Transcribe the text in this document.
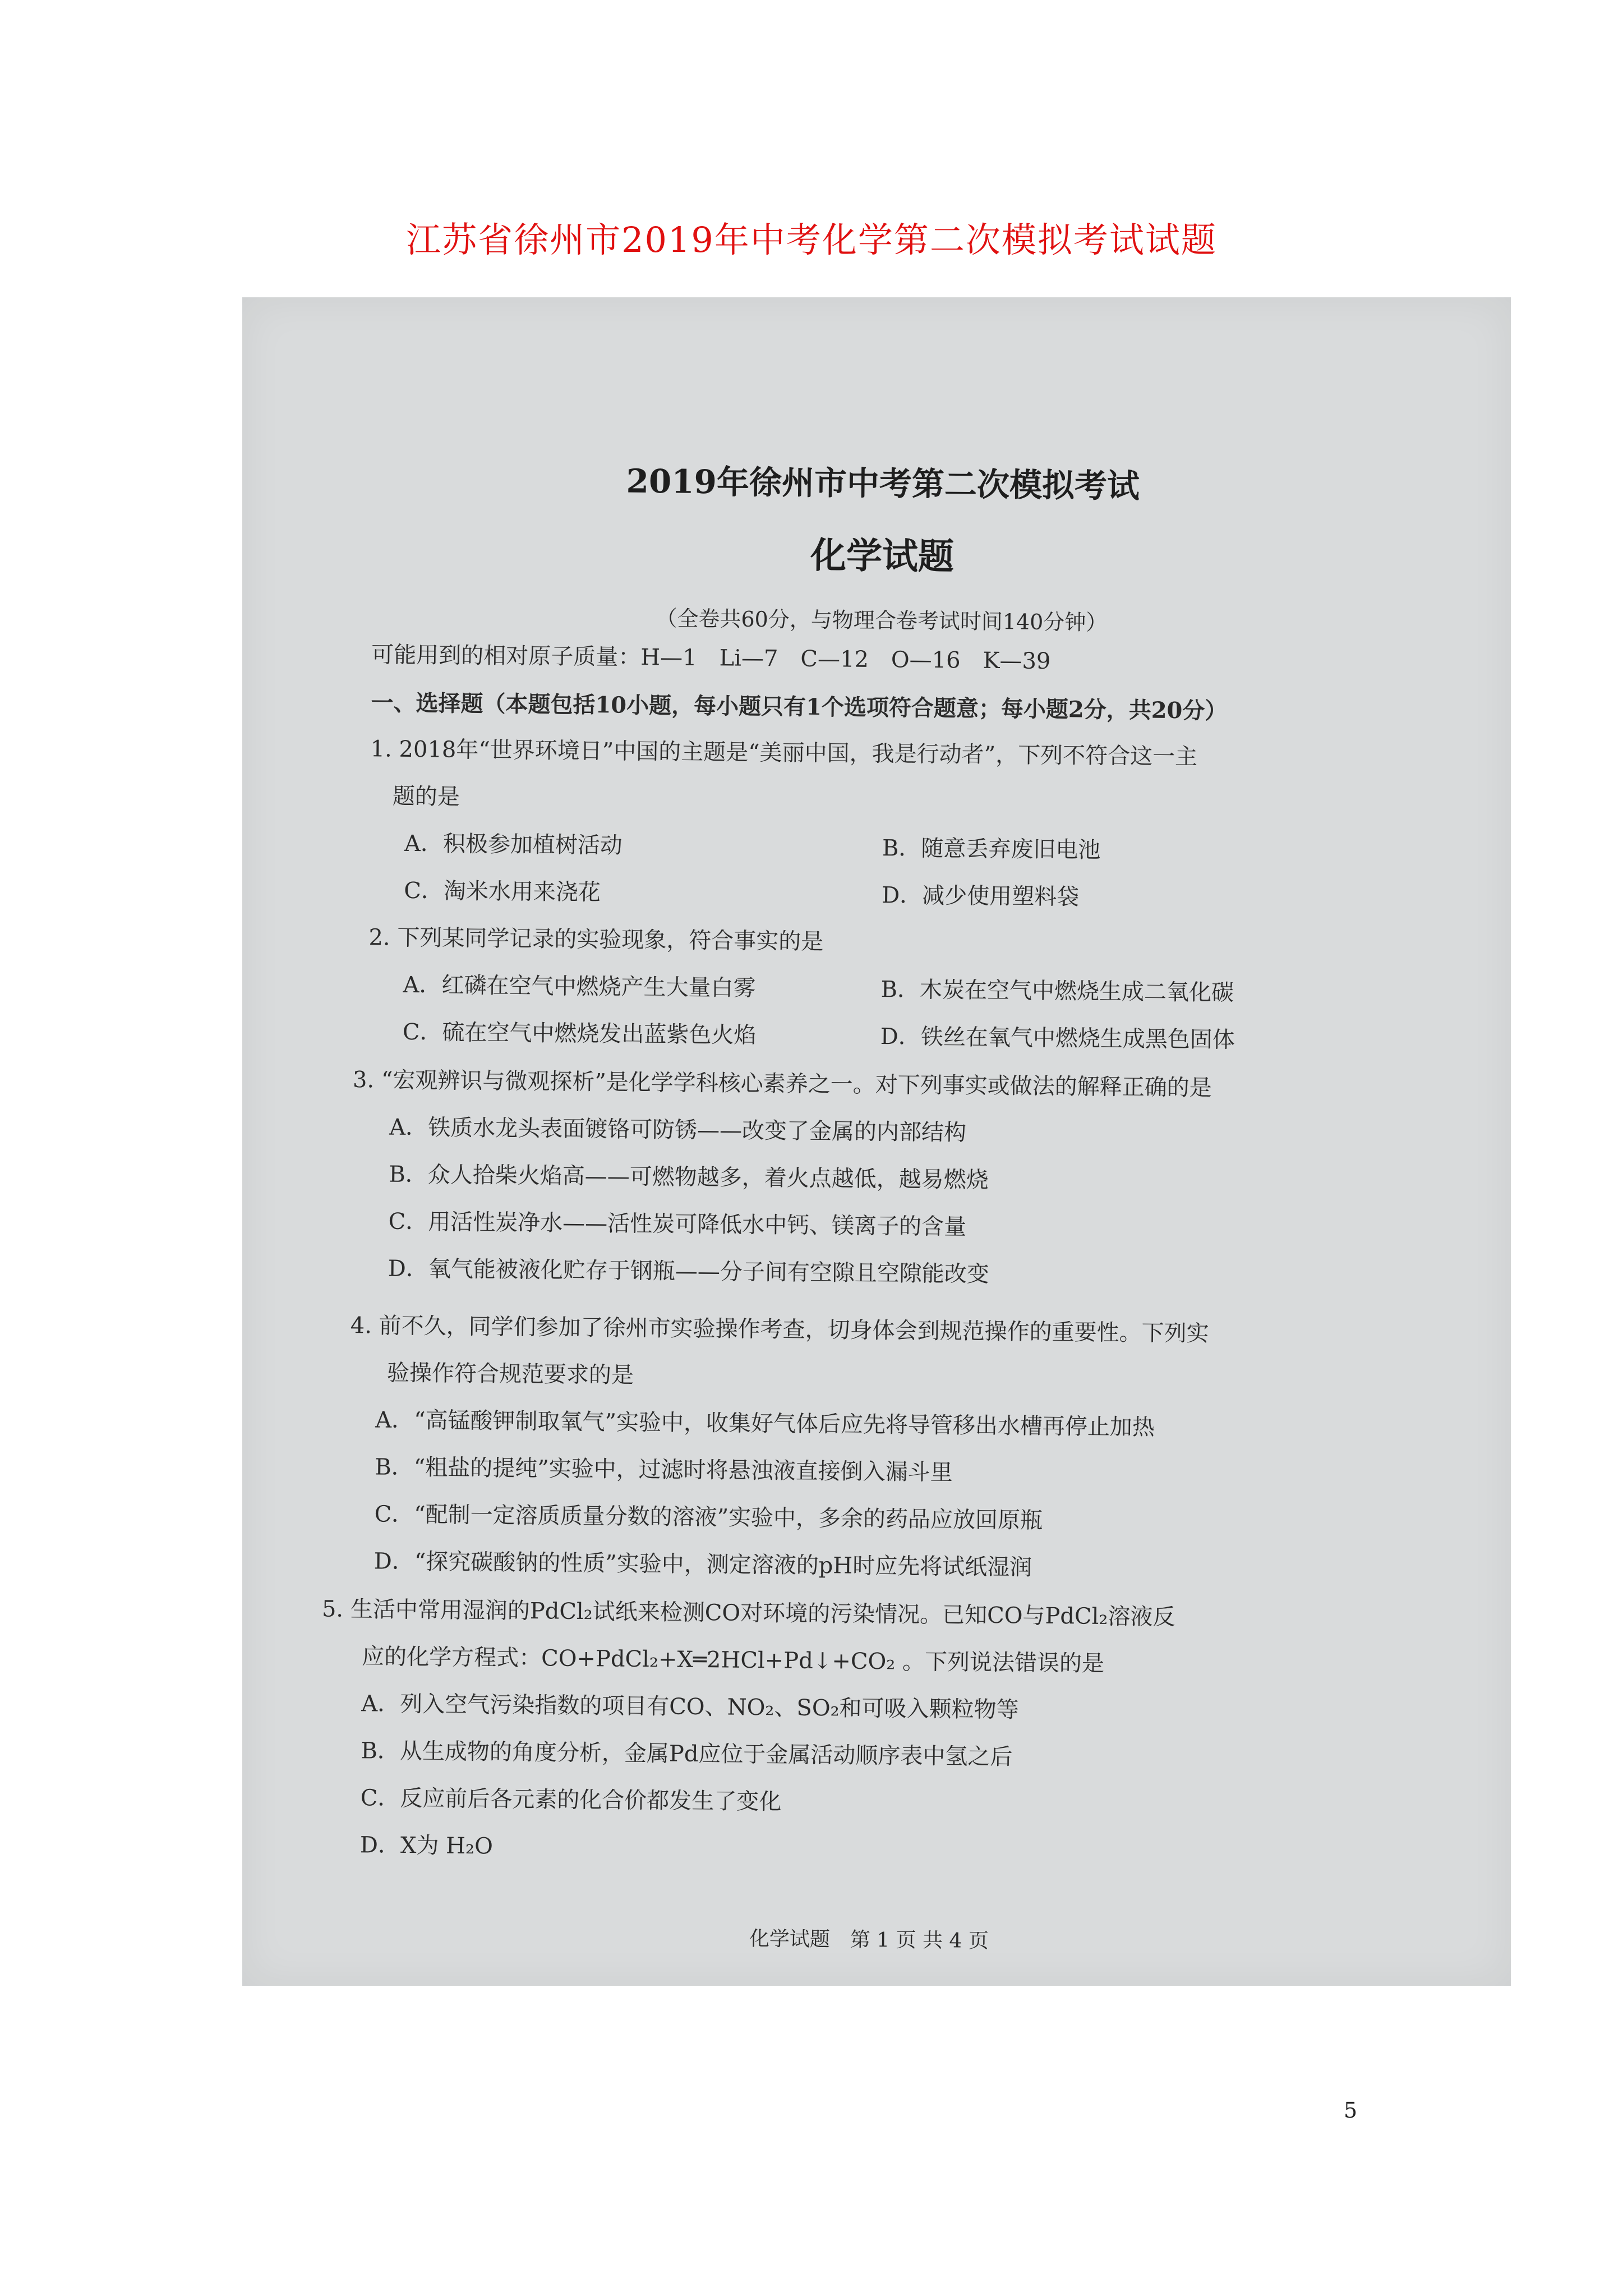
江苏省徐州市2019年中考化学第二次模拟考试试题
2019年徐州市中考第二次模拟考试
化学试题
（全卷共60分，与物理合卷考试时间140分钟）
可能用到的相对原子质量：H—1　Li—7　C—12　O—16　K—39
一、选择题（本题包括10小题，每小题只有1个选项符合题意；每小题2分，共20分）
1. 2018年“世界环境日”中国的主题是“美丽中国，我是行动者”，下列不符合这一主
题的是
A．积极参加植树活动	B．随意丢弃废旧电池
C．淘米水用来浇花	D．减少使用塑料袋
2. 下列某同学记录的实验现象，符合事实的是
A．红磷在空气中燃烧产生大量白雾	B．木炭在空气中燃烧生成二氧化碳
C．硫在空气中燃烧发出蓝紫色火焰	D．铁丝在氧气中燃烧生成黑色固体
3. “宏观辨识与微观探析”是化学学科核心素养之一。对下列事实或做法的解释正确的是
A．铁质水龙头表面镀铬可防锈——改变了金属的内部结构
B．众人拾柴火焰高——可燃物越多，着火点越低，越易燃烧
C．用活性炭净水——活性炭可降低水中钙、镁离子的含量
D．氧气能被液化贮存于钢瓶——分子间有空隙且空隙能改变
4. 前不久，同学们参加了徐州市实验操作考查，切身体会到规范操作的重要性。下列实
验操作符合规范要求的是
A．“高锰酸钾制取氧气”实验中，收集好气体后应先将导管移出水槽再停止加热
B．“粗盐的提纯”实验中，过滤时将悬浊液直接倒入漏斗里
C．“配制一定溶质质量分数的溶液”实验中，多余的药品应放回原瓶
D．“探究碳酸钠的性质”实验中，测定溶液的pH时应先将试纸湿润
5. 生活中常用湿润的PdCl₂试纸来检测CO对环境的污染情况。已知CO与PdCl₂溶液反
应的化学方程式：CO+PdCl₂+X═2HCl+Pd↓+CO₂ 。下列说法错误的是
A．列入空气污染指数的项目有CO、NO₂、SO₂和可吸入颗粒物等
B．从生成物的角度分析，金属Pd应位于金属活动顺序表中氢之后
C．反应前后各元素的化合价都发生了变化
D．X为 H₂O
化学试题　第 1 页 共 4 页
5
